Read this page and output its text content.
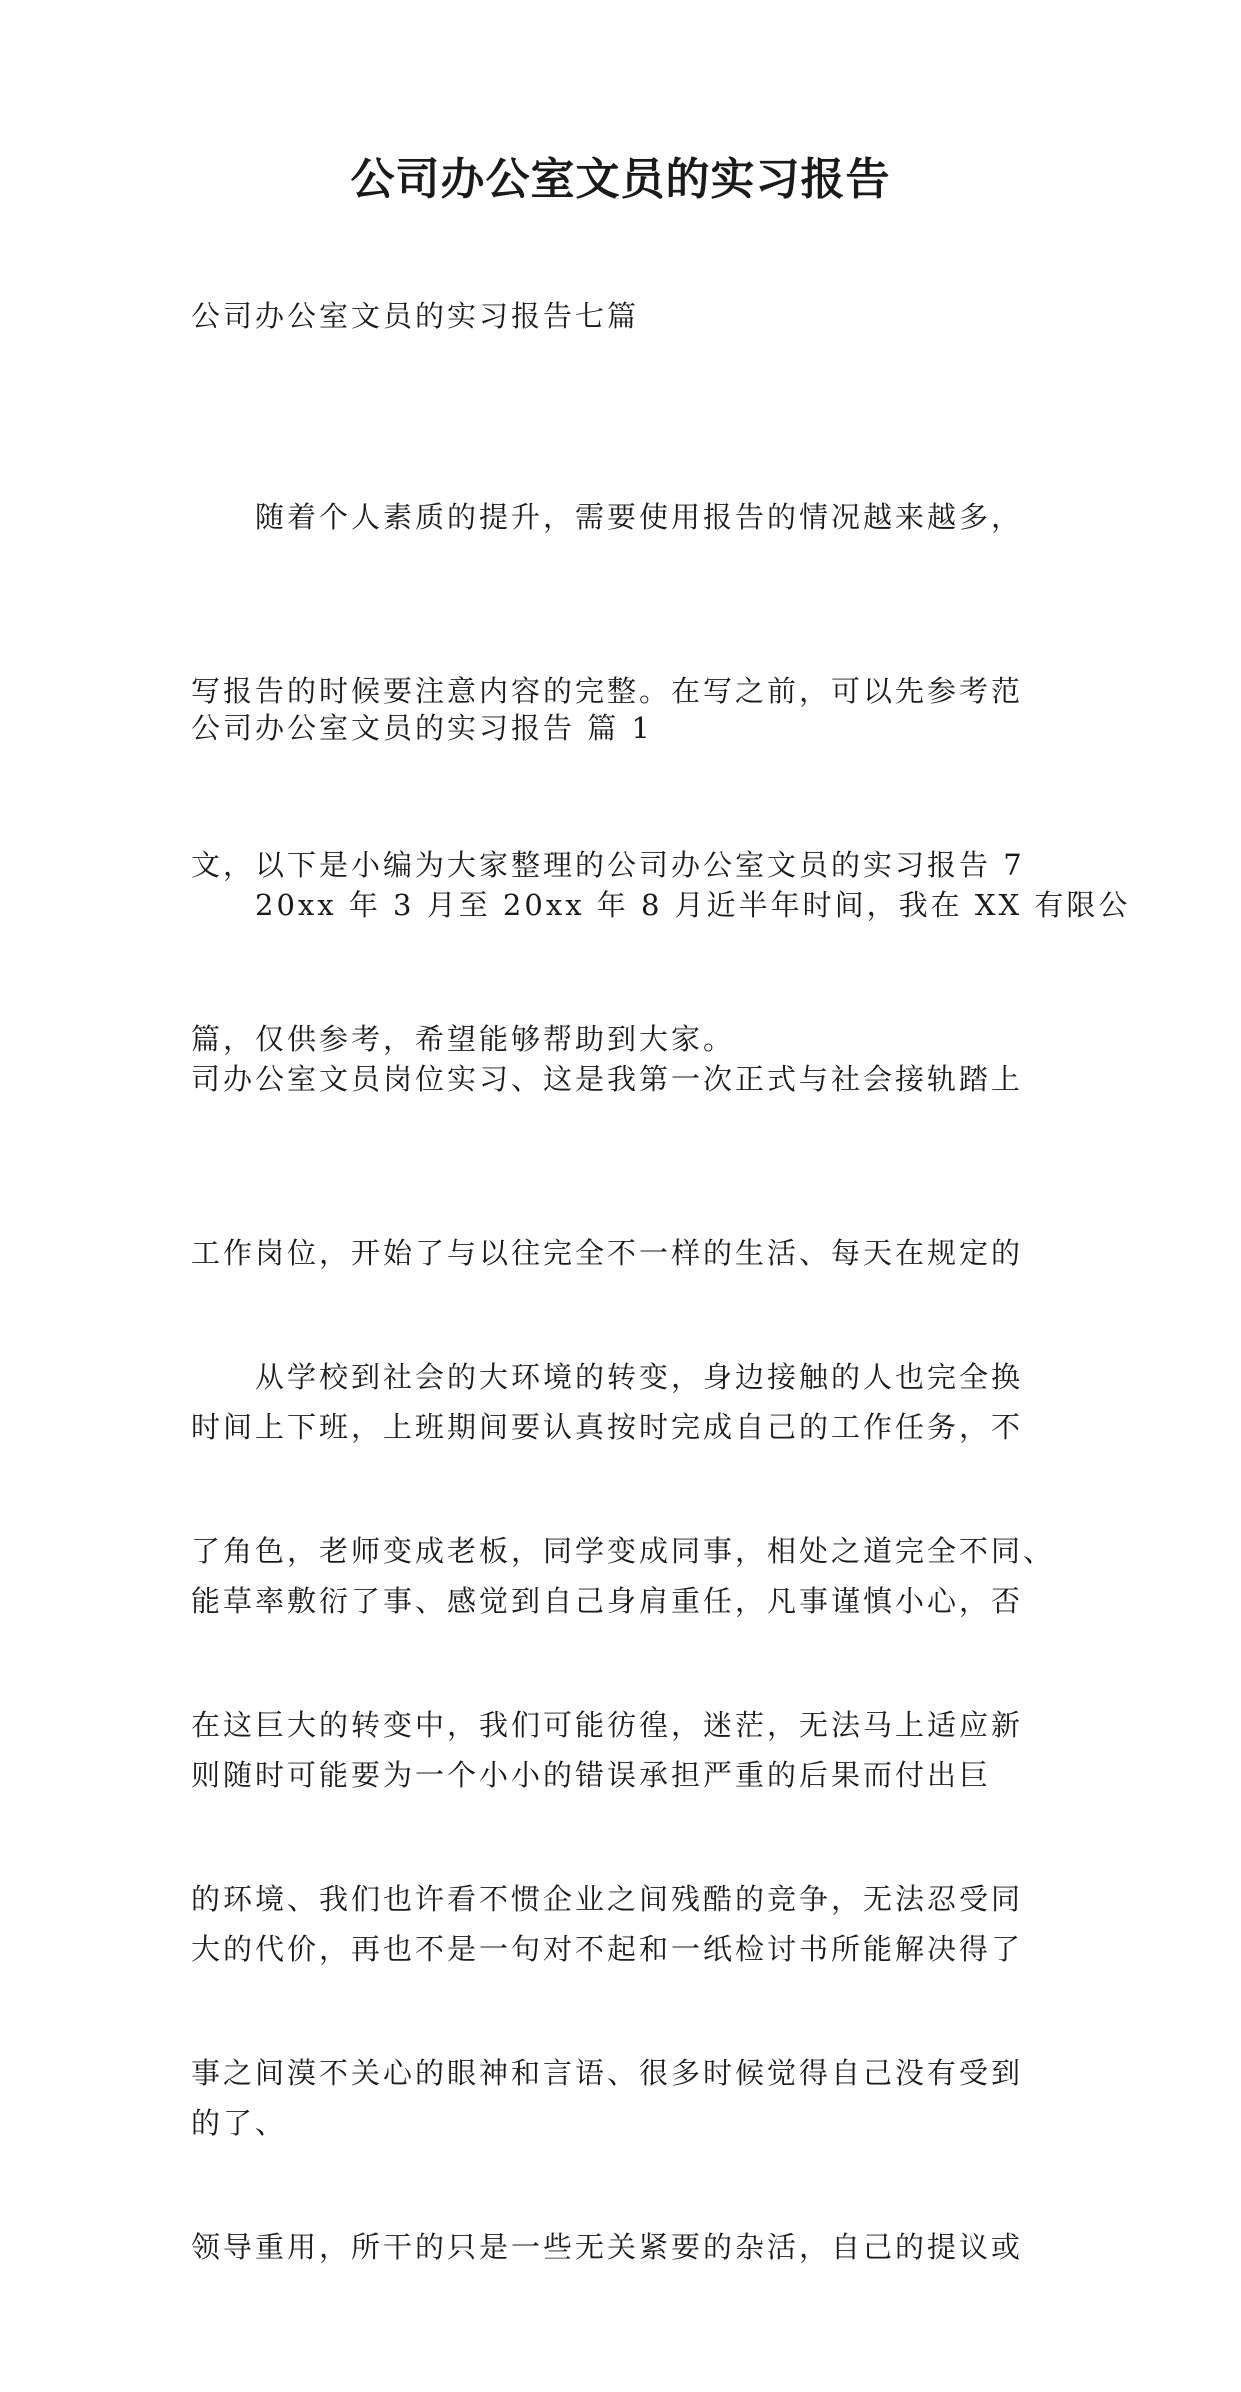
公司办公室文员的实习报告
公司办公室文员的实习报告七篇

　　随着个人素质的提升，需要使用报告的情况越来越多，

写报告的时候要注意内容的完整。在写之前，可以先参考范

文，以下是小编为大家整理的公司办公室文员的实习报告 7

篇，仅供参考，希望能够帮助到大家。

公司办公室文员的实习报告 篇 1

　　20xx 年 3 月至 20xx 年 8 月近半年时间，我在 XX 有限公

司办公室文员岗位实习、这是我第一次正式与社会接轨踏上

工作岗位，开始了与以往完全不一样的生活、每天在规定的

时间上下班，上班期间要认真按时完成自己的工作任务，不

能草率敷衍了事、感觉到自己身肩重任，凡事谨慎小心，否

则随时可能要为一个小小的错误承担严重的后果而付出巨

大的代价，再也不是一句对不起和一纸检讨书所能解决得了

的了、

　　从学校到社会的大环境的转变，身边接触的人也完全换

了角色，老师变成老板，同学变成同事，相处之道完全不同、

在这巨大的转变中，我们可能彷徨，迷茫，无法马上适应新

的环境、我们也许看不惯企业之间残酷的竞争，无法忍受同

事之间漠不关心的眼神和言语、很多时候觉得自己没有受到

领导重用，所干的只是一些无关紧要的杂活，自己的提议或
